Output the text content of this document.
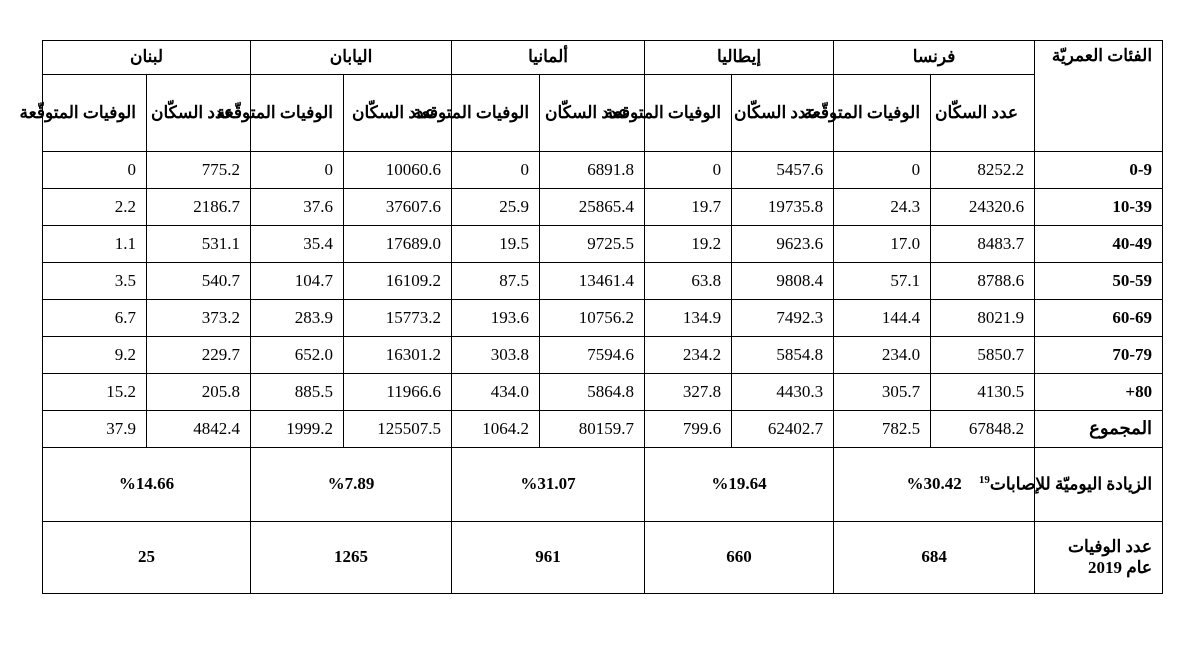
الفئات العمريّة	فرنسا		إيطاليا		ألمانيا		اليابان		لبنان	
	عدد السكّان	الوفيات المتوقّعة	عدد السكّان	الوفيات المتوقعة	عدد السكّان	الوفيات المتوقعة	عدد السكّان	الوفيات المتوقّعة	عدد السكّان	الوفيات المتوقّعة
0-9	8252.2	0	5457.6	0	6891.8	0	10060.6	0	775.2	0
10-39	24320.6	24.3	19735.8	19.7	25865.4	25.9	37607.6	37.6	2186.7	2.2
40-49	8483.7	17.0	9623.6	19.2	9725.5	19.5	17689.0	35.4	531.1	1.1
50-59	8788.6	57.1	9808.4	63.8	13461.4	87.5	16109.2	104.7	540.7	3.5
60-69	8021.9	144.4	7492.3	134.9	10756.2	193.6	15773.2	283.9	373.2	6.7
70-79	5850.7	234.0	5854.8	234.2	7594.6	303.8	16301.2	652.0	229.7	9.2
80+	4130.5	305.7	4430.3	327.8	5864.8	434.0	11966.6	885.5	205.8	15.2
المجموع	67848.2	782.5	62402.7	799.6	80159.7	1064.2	125507.5	1999.2	4842.4	37.9
الزيادة اليوميّة للإصابات$^{19}$	%30.42		%19.64		%31.07		%7.89		%14.66	

عدد الوفيات
عام 2019	684		660		961		1265		25	
